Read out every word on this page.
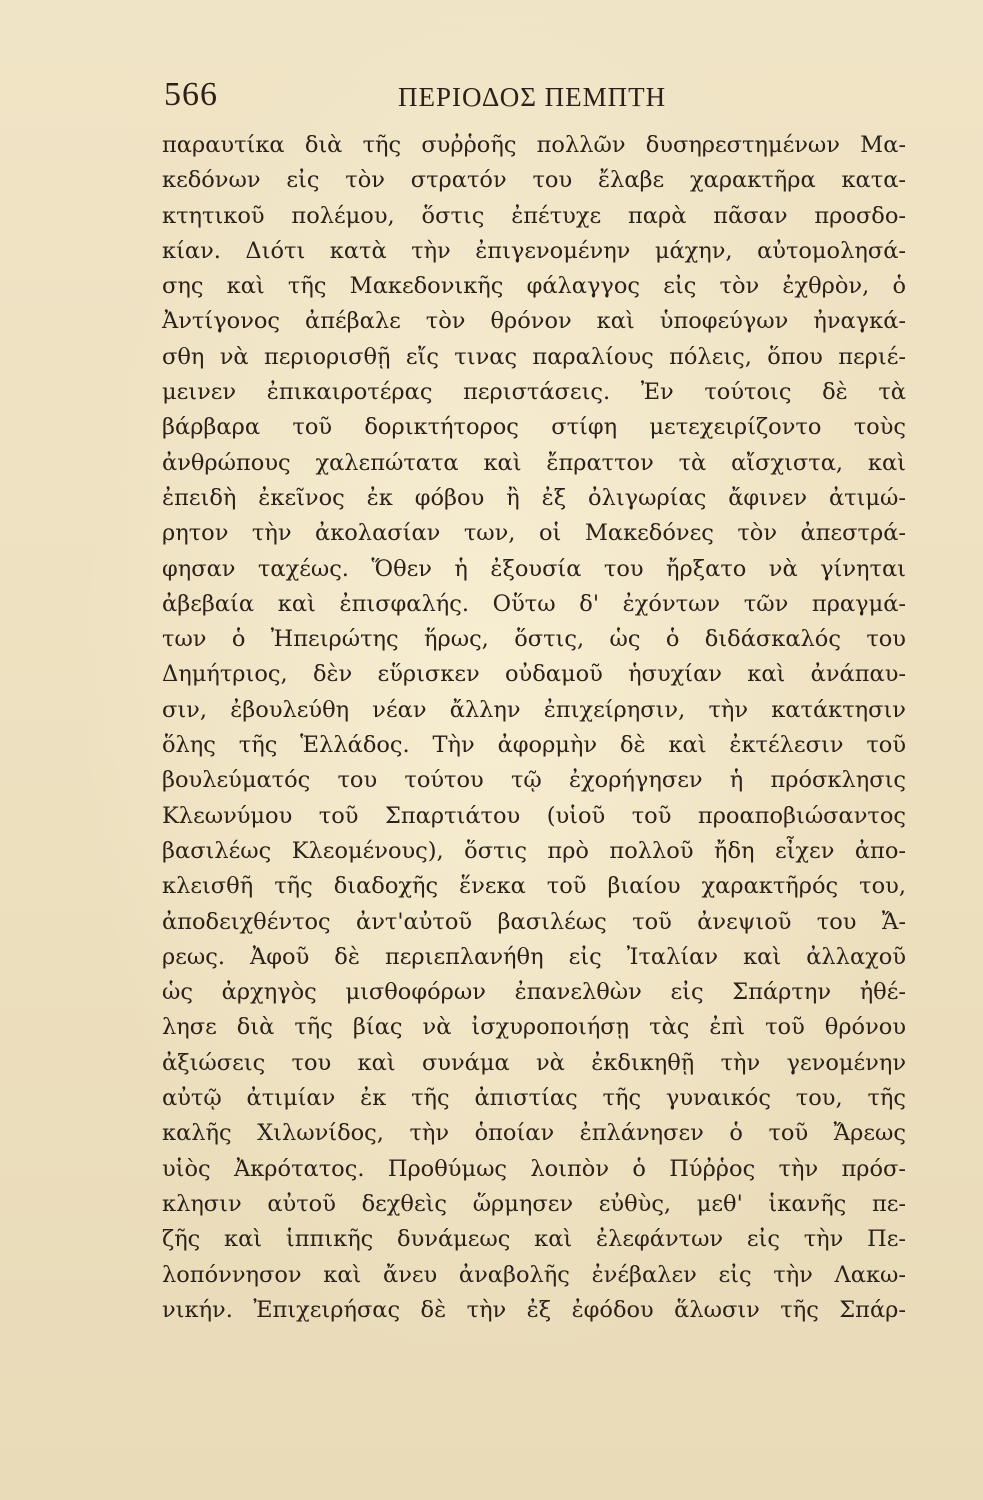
566	ΠΕΡΙΟΔΟΣ ΠΕΜΠΤΗ
παραυτίκα διὰ τῆς συῤῥοῆς πολλῶν δυσηρεστημένων Μα-
κεδόνων εἰς τὸν στρατόν του ἔλαβε χαρακτῆρα κατα-
κτητικοῦ πολέμου, ὅστις ἐπέτυχε παρὰ πᾶσαν προσδο-
κίαν. Διότι κατὰ τὴν ἐπιγενομένην μάχην, αὐτομολησά-
σης καὶ τῆς Μακεδονικῆς φάλαγγος εἰς τὸν ἐχθρὸν, ὁ
Ἀντίγονος ἀπέβαλε τὸν θρόνον καὶ ὑποφεύγων ἠναγκά-
σθη νὰ περιορισθῇ εἴς τινας παραλίους πόλεις, ὅπου περιέ-
μεινεν ἐπικαιροτέρας περιστάσεις. Ἐν τούτοις δὲ τὰ
βάρβαρα τοῦ δορικτήτορος στίφη μετεχειρίζοντο τοὺς
ἀνθρώπους χαλεπώτατα καὶ ἔπραττον τὰ αἴσχιστα, καὶ
ἐπειδὴ ἐκεῖνος ἐκ φόβου ἢ ἐξ ὀλιγωρίας ἄφινεν ἀτιμώ-
ρητον τὴν ἀκολασίαν των, οἱ Μακεδόνες τὸν ἀπεστρά-
φησαν ταχέως. Ὅθεν ἡ ἐξουσία του ἤρξατο νὰ γίνηται
ἀβεβαία καὶ ἐπισφαλής. Οὕτω δ' ἐχόντων τῶν πραγμά-
των ὁ Ἠπειρώτης ἥρως, ὅστις, ὡς ὁ διδάσκαλός του
Δημήτριος, δὲν εὕρισκεν οὐδαμοῦ ἡσυχίαν καὶ ἀνάπαυ-
σιν, ἐβουλεύθη νέαν ἄλλην ἐπιχείρησιν, τὴν κατάκτησιν
ὅλης τῆς Ἑλλάδος. Τὴν ἀφορμὴν δὲ καὶ ἐκτέλεσιν τοῦ
βουλεύματός του τούτου τῷ ἐχορήγησεν ἡ πρόσκλησις
Κλεωνύμου τοῦ Σπαρτιάτου (υἱοῦ τοῦ προαποβιώσαντος
βασιλέως Κλεομένους), ὅστις πρὸ πολλοῦ ἤδη εἶχεν ἀπο-
κλεισθῆ τῆς διαδοχῆς ἕνεκα τοῦ βιαίου χαρακτῆρός του,
ἀποδειχθέντος ἀντ'αὐτοῦ βασιλέως τοῦ ἀνεψιοῦ του Ἄ-
ρεως. Ἀφοῦ δὲ περιεπλανήθη εἰς Ἰταλίαν καὶ ἀλλαχοῦ
ὡς ἀρχηγὸς μισθοφόρων ἐπανελθὼν εἰς Σπάρτην ἠθέ-
λησε διὰ τῆς βίας νὰ ἰσχυροποιήσῃ τὰς ἐπὶ τοῦ θρόνου
ἀξιώσεις του καὶ συνάμα νὰ ἐκδικηθῇ τὴν γενομένην
αὐτῷ ἀτιμίαν ἐκ τῆς ἀπιστίας τῆς γυναικός του, τῆς
καλῆς Χιλωνίδος, τὴν ὁποίαν ἐπλάνησεν ὁ τοῦ Ἄρεως
υἱὸς Ἀκρότατος. Προθύμως λοιπὸν ὁ Πύῤῥος τὴν πρόσ-
κλησιν αὐτοῦ δεχθεὶς ὥρμησεν εὐθὺς, μεθ' ἱκανῆς πε-
ζῆς καὶ ἱππικῆς δυνάμεως καὶ ἐλεφάντων εἰς τὴν Πε-
λοπόννησον καὶ ἄνευ ἀναβολῆς ἐνέβαλεν εἰς τὴν Λακω-
νικήν. Ἐπιχειρήσας δὲ τὴν ἐξ ἐφόδου ἅλωσιν τῆς Σπάρ-
